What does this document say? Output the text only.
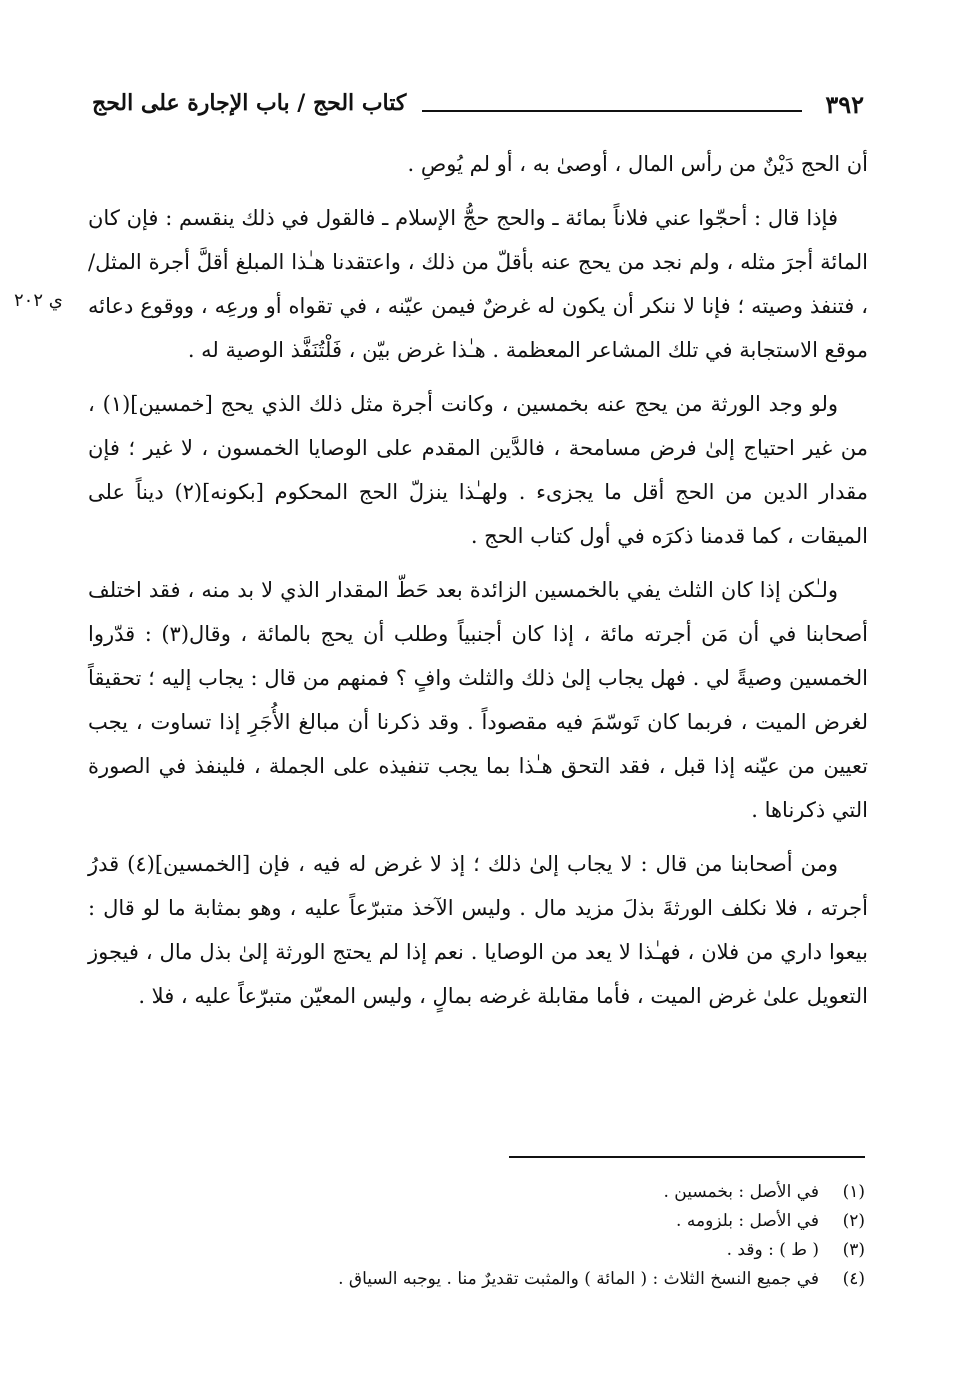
٣٩٢
كتاب الحج / باب الإجارة على الحج
ي ٢٠٢

أن الحج دَيْنٌ من رأس المال ، أوصىٰ به ، أو لم يُوصِ .

فإذا قال : أحجّوا عني فلاناً بمائة ـ والحج حجُّ الإسلام ـ فالقول في ذلك ينقسم : فإن كان المائة أجرَ مثله ، ولم نجد من يحج عنه بأقلّ من ذلك ، واعتقدنا هـٰذا المبلغ أقلَّ أجرة المثل/ ، فتنفذ وصيته ؛ فإنا لا ننكر أن يكون له غرضٌ فيمن عيّنه ، في تقواه أو ورعِه ، ووقوع دعائه موقع الاستجابة في تلك المشاعر المعظمة . هـٰذا غرض بيّن ، فَلْتُنَفَّذ الوصية له .

ولو وجد الورثة من يحج عنه بخمسين ، وكانت أجرة مثل ذلك الذي يحج [خمسين](١) ، من غير احتياج إلىٰ فرض مسامحة ، فالدَّين المقدم على الوصايا الخمسون ، لا غير ؛ فإن مقدار الدين من الحج أقل ما يجزىء . ولهـٰذا ينزلّ الحج المحكوم [بكونه](٢) ديناً على الميقات ، كما قدمنا ذكرَه في أول كتاب الحج .

ولـٰكن إذا كان الثلث يفي بالخمسين الزائدة بعد حَطّ المقدار الذي لا بد منه ، فقد اختلف أصحابنا في أن مَن أجرته مائة ، إذا كان أجنبياً وطلب أن يحج بالمائة ، وقال(٣) : قدّروا الخمسين وصيةً لي . فهل يجاب إلىٰ ذلك والثلث وافٍ ؟ فمنهم من قال : يجاب إليه ؛ تحقيقاً لغرض الميت ، فربما كان تَوسّمَ فيه مقصوداً . وقد ذكرنا أن مبالغ الأُجَرِ إذا تساوت ، يجب تعيين من عيّنه إذا قبل ، فقد التحق هـٰذا بما يجب تنفيذه على الجملة ، فلينفذ في الصورة التي ذكرناها .

ومن أصحابنا من قال : لا يجاب إلىٰ ذلك ؛ إذ لا غرض له فيه ، فإن [الخمسين](٤) قدرُ أجرته ، فلا نكلف الورثةَ بذلَ مزيد مال . وليس الآخذ متبرّعاً عليه ، وهو بمثابة ما لو قال : بيعوا داري من فلان ، فهـٰذا لا يعد من الوصايا . نعم إذا لم يحتج الورثة إلىٰ بذل مال ، فيجوز التعويل علىٰ غرض الميت ، فأما مقابلة غرضه بمالٍ ، وليس المعيّن متبرّعاً عليه ، فلا .

(١)في الأصل : بخمسين .
(٢)في الأصل : بلزومه .
(٣)( ط ) : وقد .
(٤)في جميع النسخ الثلاث : ( المائة ) والمثبت تقديرٌ منا . يوجبه السياق .
